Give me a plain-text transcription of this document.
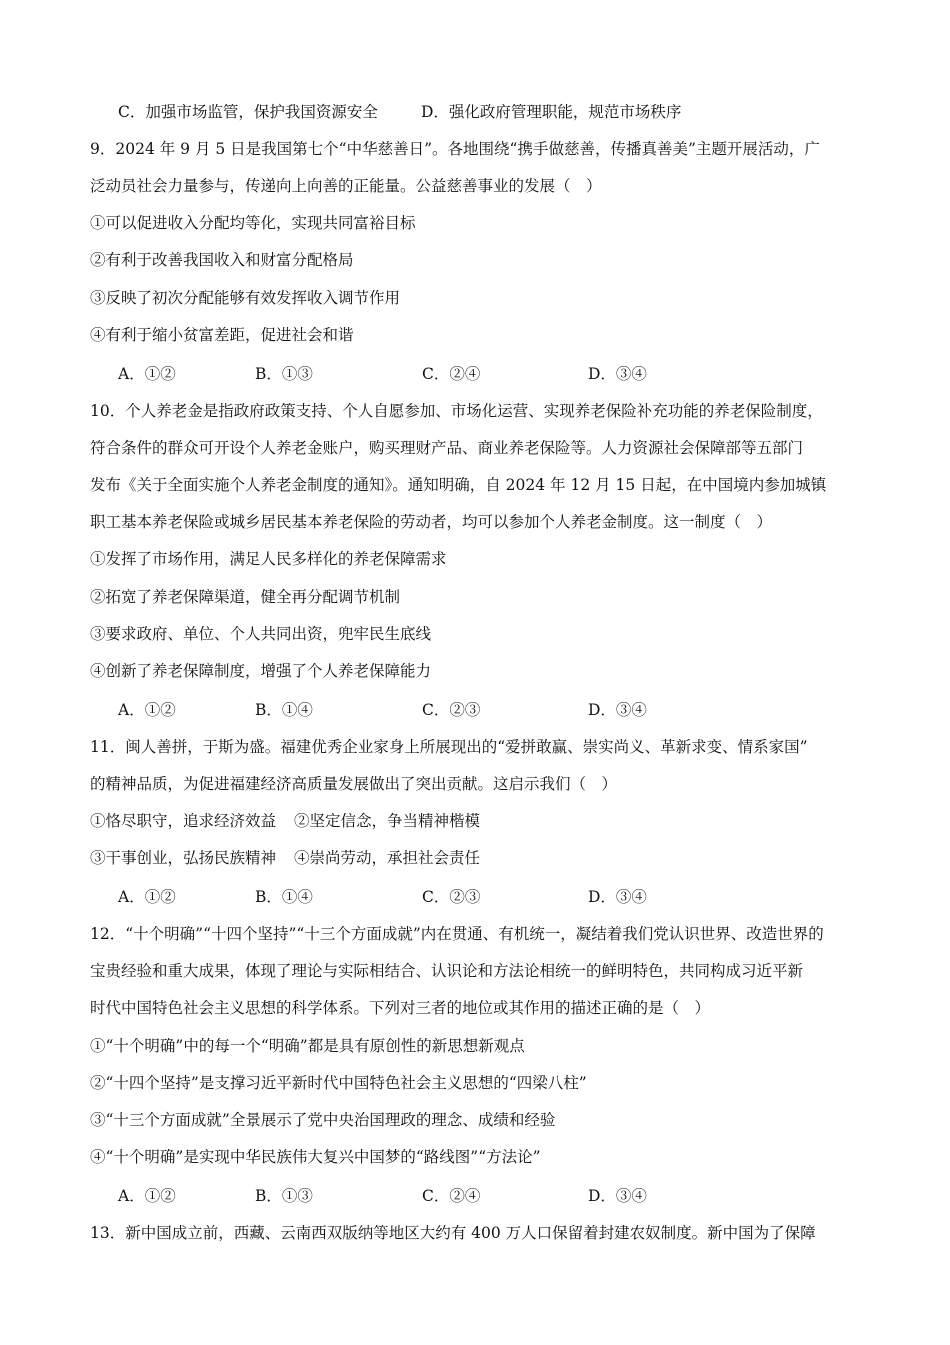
C．加强市场监管，保护我国资源安全	D．强化政府管理职能，规范市场秩序
9．2024 年 9 月 5 日是我国第七个“中华慈善日”。各地围绕“携手做慈善，传播真善美”主题开展活动，广
泛动员社会力量参与，传递向上向善的正能量。公益慈善事业的发展（　）
①可以促进收入分配均等化，实现共同富裕目标
②有利于改善我国收入和财富分配格局
③反映了初次分配能够有效发挥收入调节作用
④有利于缩小贫富差距，促进社会和谐
A．①②	B．①③	C．②④	D．③④
10．个人养老金是指政府政策支持、个人自愿参加、市场化运营、实现养老保险补充功能的养老保险制度，
符合条件的群众可开设个人养老金账户，购买理财产品、商业养老保险等。人力资源社会保障部等五部门
发布《关于全面实施个人养老金制度的通知》。通知明确，自 2024 年 12 月 15 日起，在中国境内参加城镇
职工基本养老保险或城乡居民基本养老保险的劳动者，均可以参加个人养老金制度。这一制度（　）
①发挥了市场作用，满足人民多样化的养老保障需求
②拓宽了养老保障渠道，健全再分配调节机制
③要求政府、单位、个人共同出资，兜牢民生底线
④创新了养老保障制度，增强了个人养老保障能力
A．①②	B．①④	C．②③	D．③④
11．闽人善拼，于斯为盛。福建优秀企业家身上所展现出的“爱拼敢赢、崇实尚义、革新求变、情系家国”
的精神品质，为促进福建经济高质量发展做出了突出贡献。这启示我们（　）
①恪尽职守，追求经济效益 ②坚定信念，争当精神楷模
③干事创业，弘扬民族精神 ④崇尚劳动，承担社会责任
A．①②	B．①④	C．②③	D．③④
12．“十个明确”“十四个坚持”“十三个方面成就”内在贯通、有机统一，凝结着我们党认识世界、改造世界的
宝贵经验和重大成果，体现了理论与实际相结合、认识论和方法论相统一的鲜明特色，共同构成习近平新
时代中国特色社会主义思想的科学体系。下列对三者的地位或其作用的描述正确的是（　）
①“十个明确”中的每一个“明确”都是具有原创性的新思想新观点
②“十四个坚持”是支撑习近平新时代中国特色社会主义思想的“四梁八柱”
③“十三个方面成就”全景展示了党中央治国理政的理念、成绩和经验
④“十个明确”是实现中华民族伟大复兴中国梦的“路线图”“方法论”
A．①②	B．①③	C．②④	D．③④
13．新中国成立前，西藏、云南西双版纳等地区大约有 400 万人口保留着封建农奴制度。新中国为了保障
